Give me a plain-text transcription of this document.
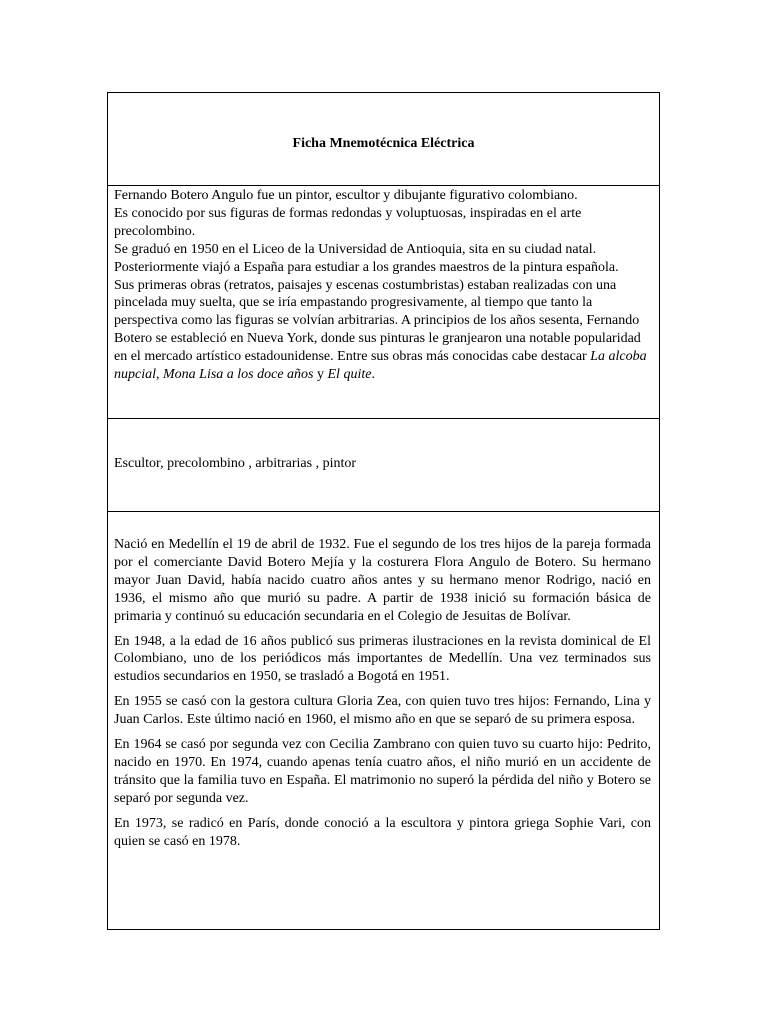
Ficha Mnemotécnica Eléctrica

Fernando Botero Angulo fue un pintor, escultor y dibujante figurativo colombiano.

Es conocido por sus figuras de formas redondas y voluptuosas, inspiradas en el arte precolombino.

Se graduó en 1950 en el Liceo de la Universidad de Antioquia, sita en su ciudad natal.

Posteriormente viajó a España para estudiar a los grandes maestros de la pintura española.

Sus primeras obras (retratos, paisajes y escenas costumbristas) estaban realizadas con una pincelada muy suelta, que se iría empastando progresivamente, al tiempo que tanto la perspectiva como las figuras se volvían arbitrarias. A principios de los años sesenta, Fernando Botero se estableció en Nueva York, donde sus pinturas le granjearon una notable popularidad en el mercado artístico estadounidense. Entre sus obras más conocidas cabe destacar La alcoba nupcial, Mona Lisa a los doce años y El quite.

Escultor, precolombino , arbitrarias , pintor

Nació en Medellín el 19 de abril de 1932. Fue el segundo de los tres hijos de la pareja formada por el comerciante David Botero Mejía y la costurera Flora Angulo de Botero. Su hermano mayor Juan David, había nacido cuatro años antes y su hermano menor Rodrigo, nació en 1936, el mismo año que murió su padre. A partir de 1938 inició su formación básica de primaria y continuó su educación secundaria en el Colegio de Jesuitas de Bolívar.

En 1948, a la edad de 16 años publicó sus primeras ilustraciones en la revista dominical de El Colombiano, uno de los periódicos más importantes de Medellín. Una vez terminados sus estudios secundarios en 1950, se trasladó a Bogotá en 1951.

En 1955 se casó con la gestora cultura Gloria Zea, con quien tuvo tres hijos: Fernando, Lina y Juan Carlos. Este último nació en 1960, el mismo año en que se separó de su primera esposa.

En 1964 se casó por segunda vez con Cecilia Zambrano con quien tuvo su cuarto hijo: Pedrito, nacido en 1970. En 1974, cuando apenas tenía cuatro años, el niño murió en un accidente de tránsito que la familia tuvo en España. El matrimonio no superó la pérdida del niño y Botero se separó por segunda vez.

En 1973, se radicó en París, donde conoció a la escultora y pintora griega Sophie Vari, con quien se casó en 1978.
